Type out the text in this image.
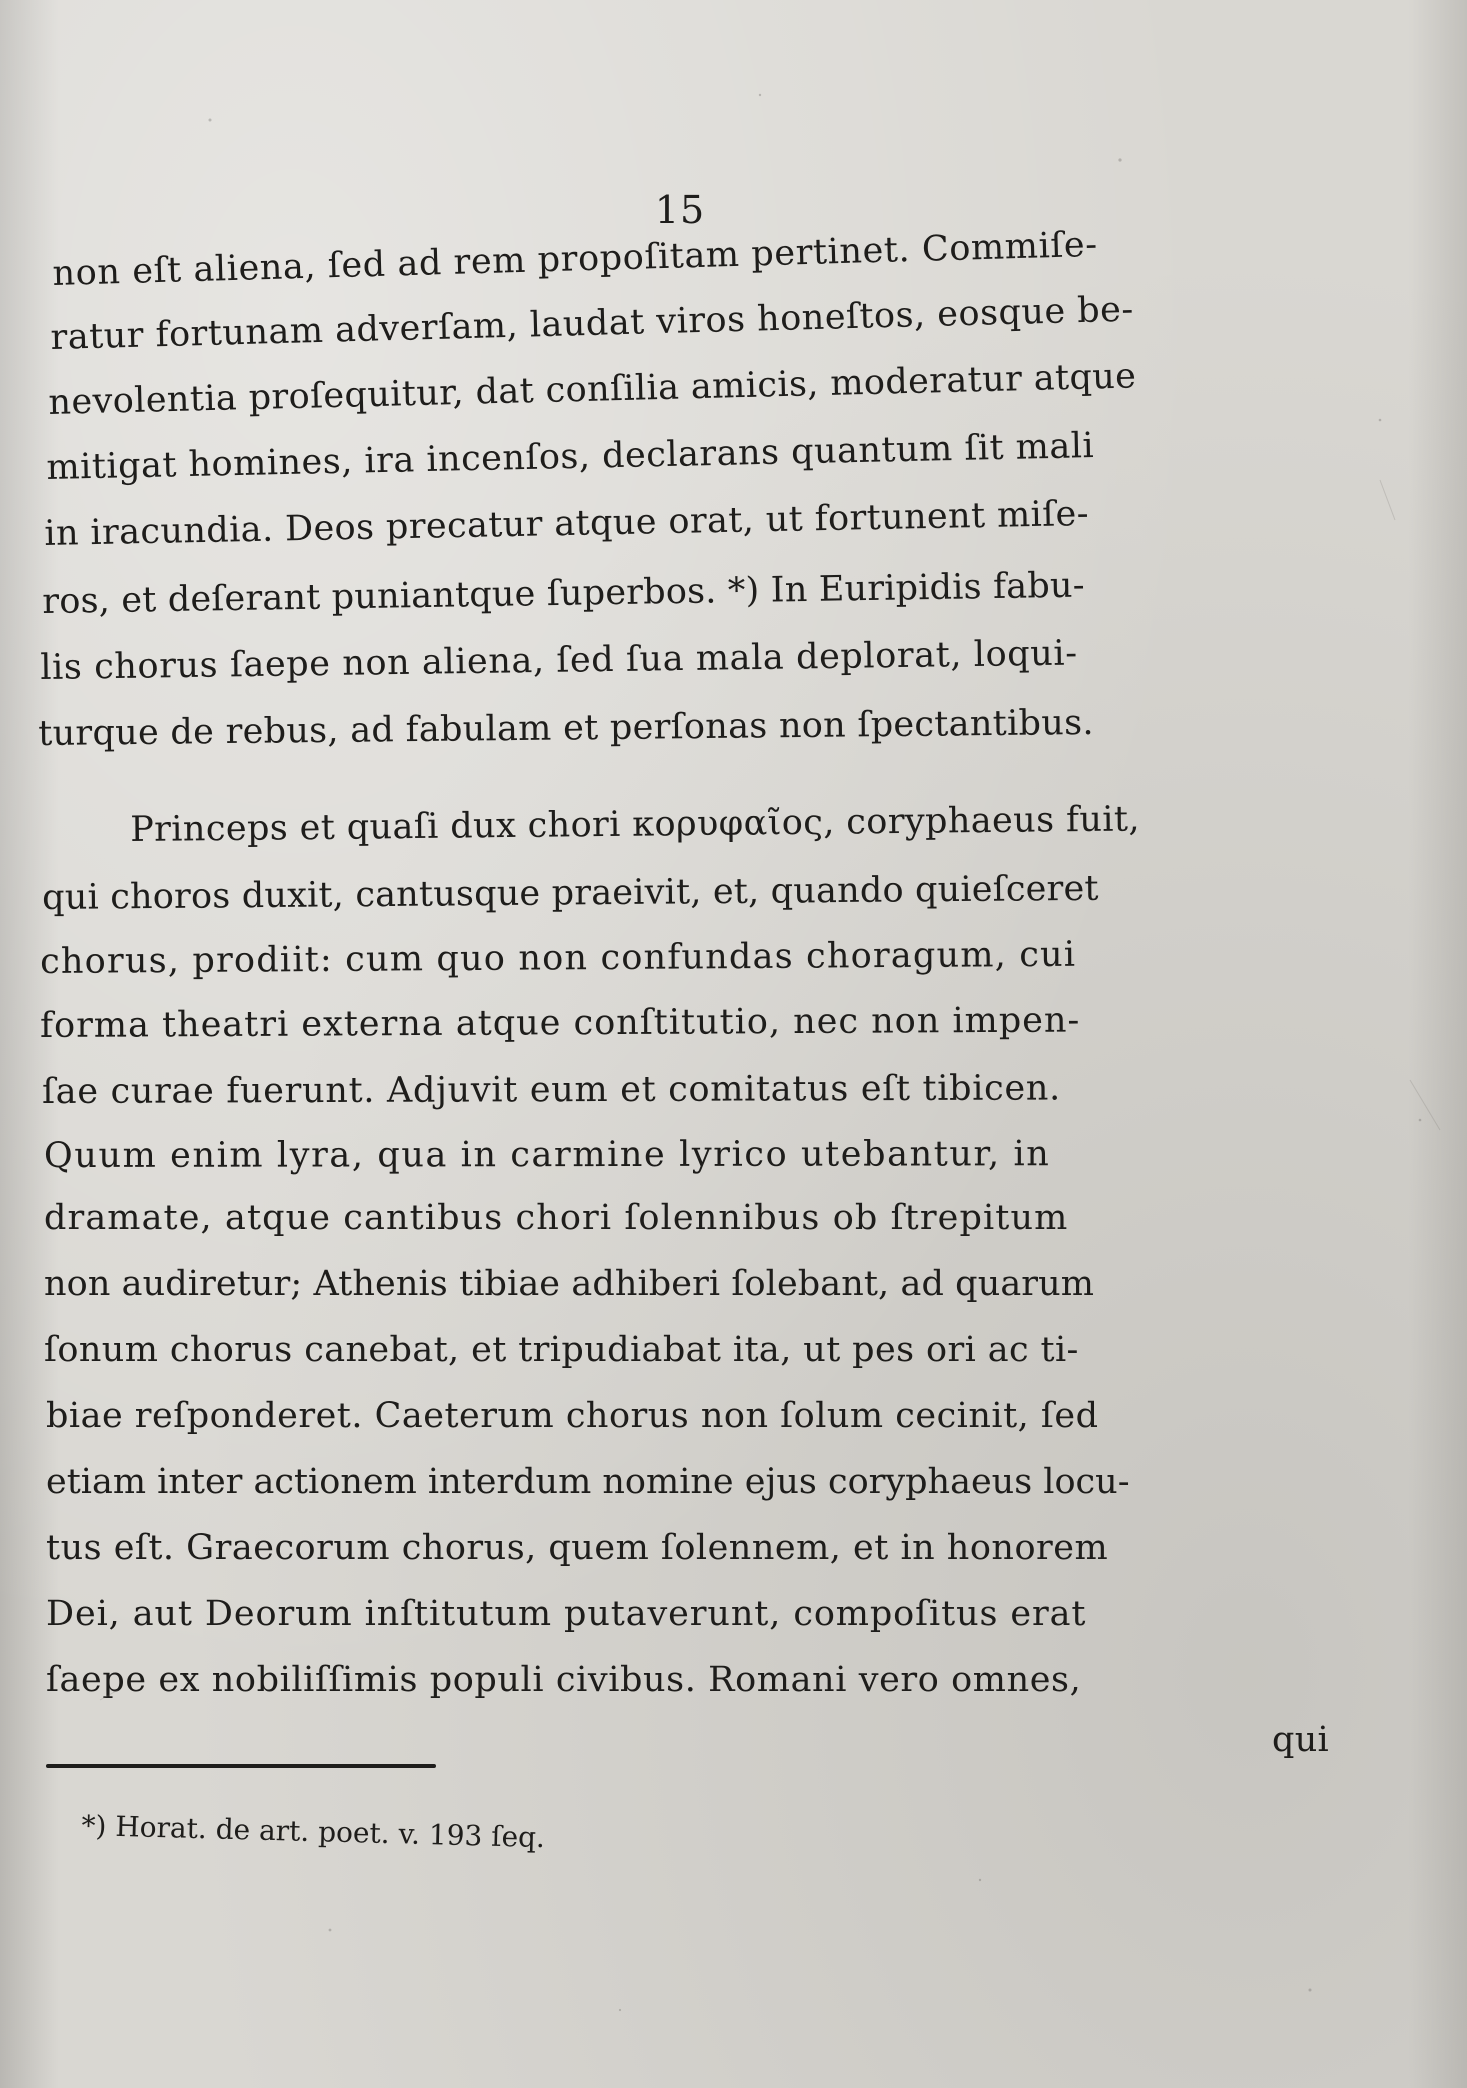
15
non eſt aliena, ſed ad rem propoſitam pertinet. Commiſe-
ratur fortunam adverſam, laudat viros honeſtos, eosque be-
nevolentia proſequitur, dat conſilia amicis, moderatur atque
mitigat homines, ira incenſos, declarans quantum ſit mali
in iracundia. Deos precatur atque orat, ut fortunent miſe-
ros, et deſerant puniantque ſuperbos. *) In Euripidis fabu-
lis chorus ſaepe non aliena, ſed ſua mala deplorat, loqui-
turque de rebus, ad fabulam et perſonas non ſpectantibus.
Princeps et quaſi dux chori κορυφαῖος, coryphaeus fuit,
qui choros duxit, cantusque praeivit, et, quando quieſceret
chorus, prodiit: cum quo non confundas choragum, cui
forma theatri externa atque conſtitutio, nec non impen-
ſae curae fuerunt. Adjuvit eum et comitatus eſt tibicen.
Quum enim lyra, qua in carmine lyrico utebantur, in
dramate, atque cantibus chori ſolennibus ob ſtrepitum
non audiretur; Athenis tibiae adhiberi ſolebant, ad quarum
ſonum chorus canebat, et tripudiabat ita, ut pes ori ac ti-
biae reſponderet. Caeterum chorus non ſolum cecinit, ſed
etiam inter actionem interdum nomine ejus coryphaeus locu-
tus eſt. Graecorum chorus, quem ſolennem, et in honorem
Dei, aut Deorum inſtitutum putaverunt, compoſitus erat
ſaepe ex nobiliſſimis populi civibus. Romani vero omnes,
qui
*) Horat. de art. poet. v. 193 ſeq.
